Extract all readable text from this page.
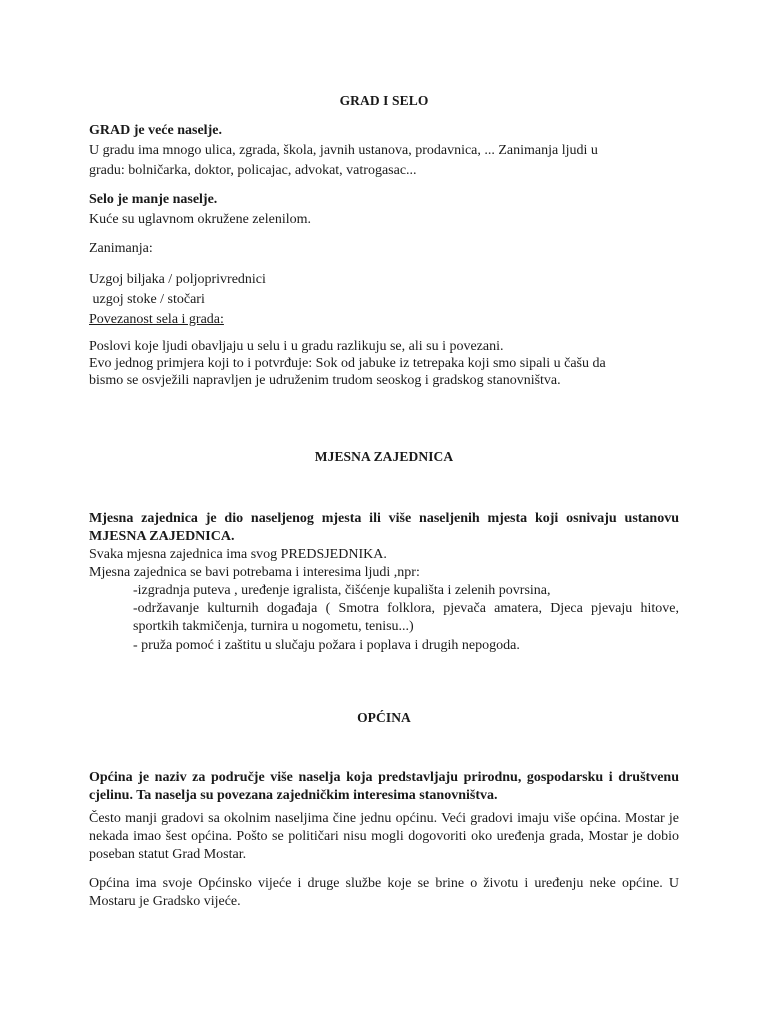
GRAD I SELO
GRAD je veće naselje.
U gradu ima mnogo ulica, zgrada, škola, javnih ustanova, prodavnica, ... Zanimanja ljudi u
gradu: bolničarka, doktor, policajac, advokat, vatrogasac...
Selo je manje naselje.
Kuće su uglavnom okružene zelenilom.
Zanimanja:
Uzgoj biljaka / poljoprivrednici
uzgoj stoke / stočari
Povezanost sela i grada:
Poslovi koje ljudi obavljaju u selu i u gradu razlikuju se, ali su i povezani.
Evo jednog primjera koji to i potvrđuje: Sok od jabuke iz tetrepaka koji smo sipali u čašu da
bismo se osvježili napravljen je udruženim trudom seoskog i gradskog stanovništva.
MJESNA ZAJEDNICA
Mjesna zajednica je dio naseljenog mjesta ili više naseljenih mjesta koji osnivaju ustanovu MJESNA ZAJEDNICA.
Svaka mjesna zajednica ima svog PREDSJEDNIKA.
Mjesna zajednica se bavi potrebama i interesima ljudi ,npr:
-izgradnja puteva , uređenje igralista, čišćenje kupališta i zelenih povrsina,
-održavanje kulturnih događaja ( Smotra folklora, pjevača amatera, Djeca pjevaju hitove, sportkih takmičenja, turnira u nogometu, tenisu...)
- pruža pomoć i zaštitu u slučaju požara i poplava i drugih nepogoda.
OPĆINA
Općina je naziv za područje više naselja koja predstavljaju prirodnu, gospodarsku i društvenu cjelinu. Ta naselja su povezana zajedničkim interesima stanovništva.
Često manji gradovi sa okolnim naseljima čine jednu općinu. Veći gradovi imaju više općina. Mostar je nekada imao šest općina. Pošto se političari nisu mogli dogovoriti oko uređenja grada, Mostar je dobio poseban statut Grad Mostar.
Općina ima svoje Općinsko vijeće i druge službe koje se brine o životu i uređenju neke općine. U Mostaru je Gradsko vijeće.
